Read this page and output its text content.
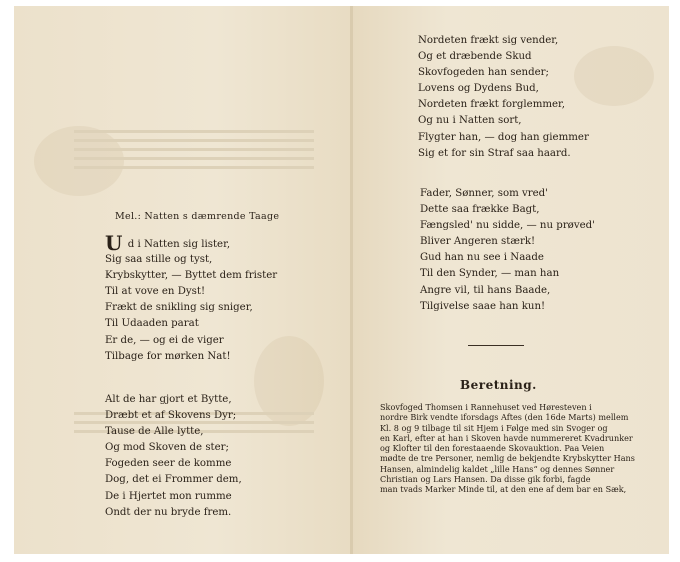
Mel.: Natten s dæmrende Taage
U d i Natten sig lister,
Sig saa stille og tyst,
Krybskytter, — Byttet dem frister
Til at vove en Dyst!
Frækt de snikling sig sniger,
Til Udaaden parat
Er de, — og ei de viger
Tilbage for mørken Nat!
Alt de har gjort et Bytte,
Dræbt et af Skovens Dyr;
Tause de Alle lytte,
Og mod Skoven de ster;
Fogeden seer de komme
Dog, det ei Frommer dem,
De i Hjertet mon rumme
Ondt der nu bryde frem.
Nordeten frækt sig vender,
Og et dræbende Skud
Skovfogeden han sender;
Lovens og Dydens Bud,
Nordeten frækt forglemmer,
Og nu i Natten sort,
Flygter han, — dog han giemmer
Sig et for sin Straf saa haard.
Fader, Sønner, som vred'
Dette saa frække Bagt,
Fængsled' nu sidde, — nu prøved'
Bliver Angeren stærk!
Gud han nu see i Naade
Til den Synder, — man han
Angre vil, til hans Baade,
Tilgivelse saae han kun!
Beretning.
Skovfoged Thomsen i Rannehuset ved Høresteven i
nordre Birk vendte iforsdags Aftes (den 16de Marts) mellem
Kl. 8 og 9 tilbage til sit Hjem i Følge med sin Svoger og
en Karl, efter at han i Skoven havde nummereret Kvadrunker
og Klofter til den forestaaende Skovauktion. Paa Veien
mødte de tre Personer, nemlig de bekjendte Krybskytter Hans
Hansen, almindelig kaldet „lille Hans“ og dennes Sønner
Christian og Lars Hansen. Da disse gik forbi, fagde
man tvads Marker Minde til, at den ene af dem bar en Sæk,
